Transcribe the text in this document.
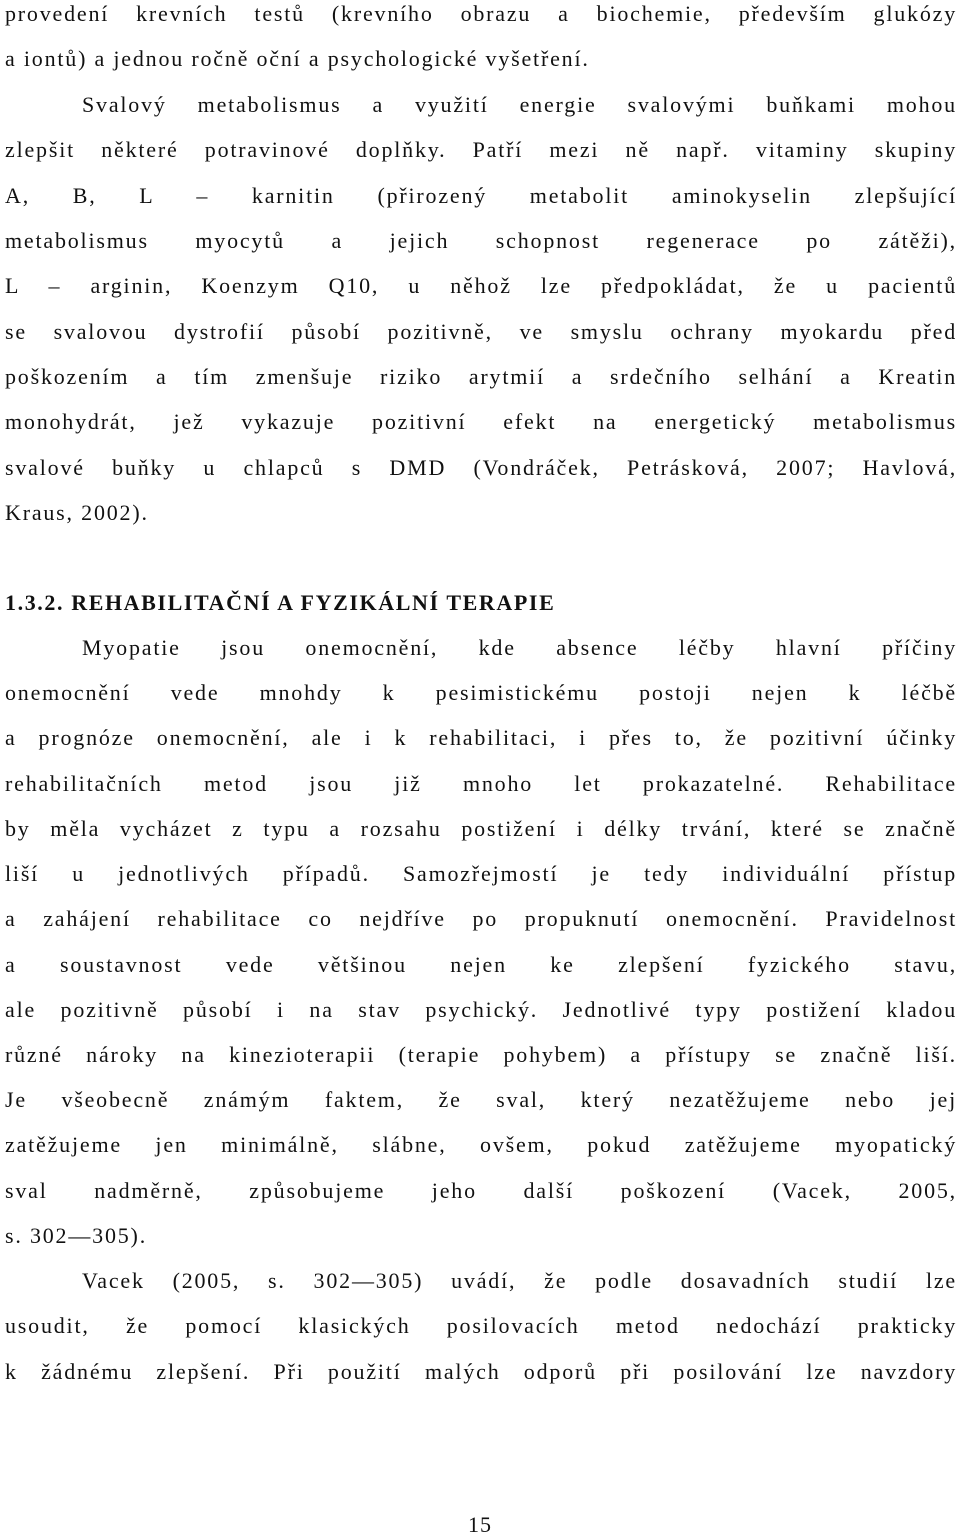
provedení krevních testů (krevního obrazu a biochemie, především glukózy
a iontů) a jednou ročně oční a psychologické vyšetření.
Svalový metabolismus a využití energie svalovými buňkami mohou
zlepšit některé potravinové doplňky. Patří mezi ně např. vitaminy skupiny
A, B, L – karnitin (přirozený metabolit aminokyselin zlepšující
metabolismus myocytů a jejich schopnost regenerace po zátěži),
L – arginin, Koenzym Q10, u něhož lze předpokládat, že u pacientů
se svalovou dystrofií působí pozitivně, ve smyslu ochrany myokardu před
poškozením a tím zmenšuje riziko arytmií a srdečního selhání a Kreatin
monohydrát, jež vykazuje pozitivní efekt na energetický metabolismus
svalové buňky u chlapců s DMD (Vondráček, Petrásková, 2007; Havlová,
Kraus, 2002).
1.3.2. REHABILITAČNÍ A FYZIKÁLNÍ TERAPIE
Myopatie jsou onemocnění, kde absence léčby hlavní příčiny
onemocnění vede mnohdy k pesimistickému postoji nejen k léčbě
a prognóze onemocnění, ale i k rehabilitaci, i přes to, že pozitivní účinky
rehabilitačních metod jsou již mnoho let prokazatelné. Rehabilitace
by měla vycházet z typu a rozsahu postižení i délky trvání, které se značně
liší u jednotlivých případů. Samozřejmostí je tedy individuální přístup
a zahájení rehabilitace co nejdříve po propuknutí onemocnění. Pravidelnost
a soustavnost vede většinou nejen ke zlepšení fyzického stavu,
ale pozitivně působí i na stav psychický. Jednotlivé typy postižení kladou
různé nároky na kinezioterapii (terapie pohybem) a přístupy se značně liší.
Je všeobecně známým faktem, že sval, který nezatěžujeme nebo jej
zatěžujeme jen minimálně, slábne, ovšem, pokud zatěžujeme myopatický
sval nadměrně, způsobujeme jeho další poškození (Vacek, 2005,
s. 302—305).
Vacek (2005, s. 302—305) uvádí, že podle dosavadních studií lze
usoudit, že pomocí klasických posilovacích metod nedochází prakticky
k žádnému zlepšení. Při použití malých odporů při posilování lze navzdory
15
